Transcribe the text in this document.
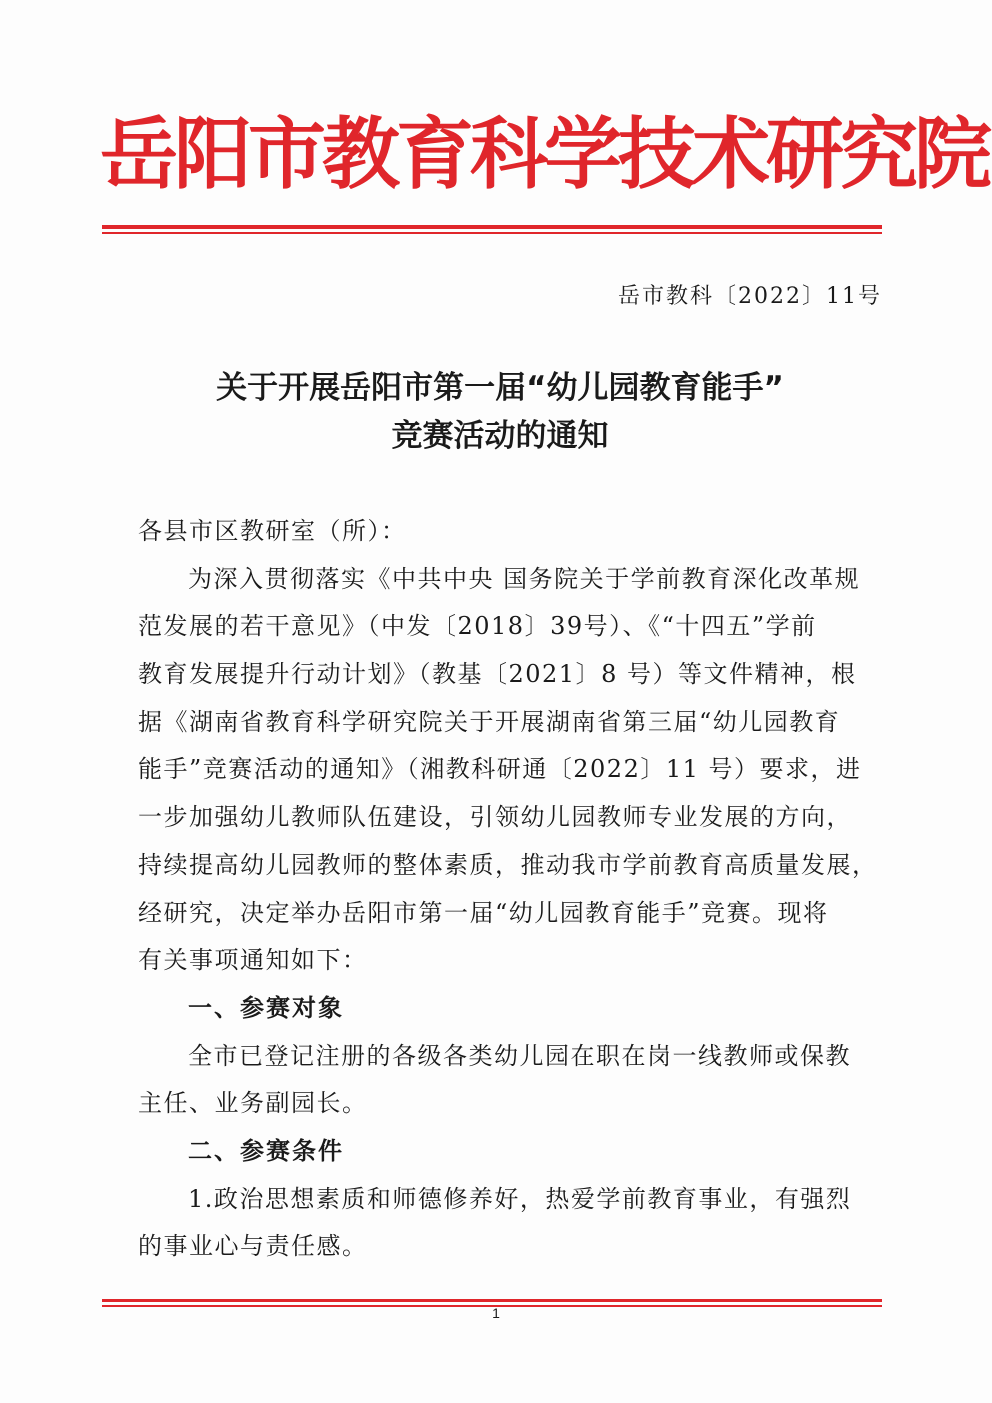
岳阳市教育科学技术研究院
岳市教科〔2022〕11号
关于开展岳阳市第一届“幼儿园教育能手”
竞赛活动的通知
各县市区教研室（所）：
为深入贯彻落实《中共中央 国务院关于学前教育深化改革规
范发展的若干意见》（中发〔2018〕39号）、《“十四五”学前
教育发展提升行动计划》（教基〔2021〕8 号）等文件精神，根
据《湖南省教育科学研究院关于开展湖南省第三届“幼儿园教育
能手”竞赛活动的通知》（湘教科研通〔2022〕11 号）要求，进
一步加强幼儿教师队伍建设，引领幼儿园教师专业发展的方向，
持续提高幼儿园教师的整体素质，推动我市学前教育高质量发展，
经研究，决定举办岳阳市第一届“幼儿园教育能手”竞赛。现将
有关事项通知如下：
一、参赛对象
全市已登记注册的各级各类幼儿园在职在岗一线教师或保教
主任、业务副园长。
二、参赛条件
1.政治思想素质和师德修养好，热爱学前教育事业，有强烈
的事业心与责任感。
1
